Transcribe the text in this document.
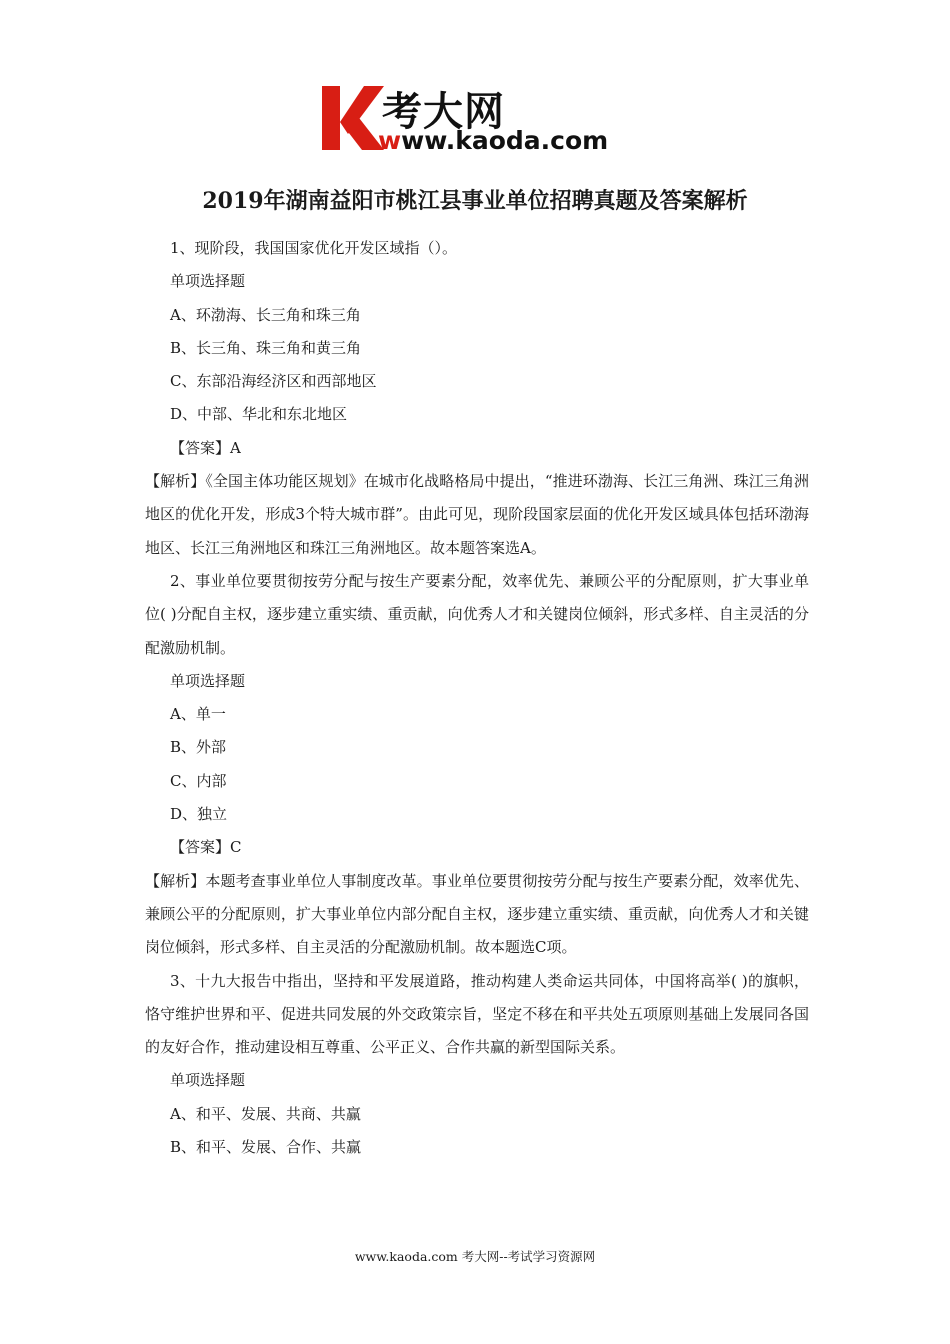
考大网
www.kaoda.com
2019年湖南益阳市桃江县事业单位招聘真题及答案解析

1、现阶段，我国国家优化开发区域指（）。

单项选择题

A、环渤海、长三角和珠三角

B、长三角、珠三角和黄三角

C、东部沿海经济区和西部地区

D、中部、华北和东北地区

【答案】A

【解析】《全国主体功能区规划》在城市化战略格局中提出，“推进环渤海、长江三角洲、珠江三角洲地区的优化开发，形成3个特大城市群”。由此可见，现阶段国家层面的优化开发区域具体包括环渤海地区、长江三角洲地区和珠江三角洲地区。故本题答案选A。

2、事业单位要贯彻按劳分配与按生产要素分配，效率优先、兼顾公平的分配原则，扩大事业单位( )分配自主权，逐步建立重实绩、重贡献，向优秀人才和关键岗位倾斜，形式多样、自主灵活的分配激励机制。

单项选择题

A、单一

B、外部

C、内部

D、独立

【答案】C

【解析】本题考查事业单位人事制度改革。事业单位要贯彻按劳分配与按生产要素分配，效率优先、兼顾公平的分配原则，扩大事业单位内部分配自主权，逐步建立重实绩、重贡献，向优秀人才和关键岗位倾斜，形式多样、自主灵活的分配激励机制。故本题选C项。

3、十九大报告中指出，坚持和平发展道路，推动构建人类命运共同体，中国将高举( )的旗帜，恪守维护世界和平、促进共同发展的外交政策宗旨，坚定不移在和平共处五项原则基础上发展同各国的友好合作，推动建设相互尊重、公平正义、合作共赢的新型国际关系。

单项选择题

A、和平、发展、共商、共赢

B、和平、发展、合作、共赢

www.kaoda.com 考大网--考试学习资源网
